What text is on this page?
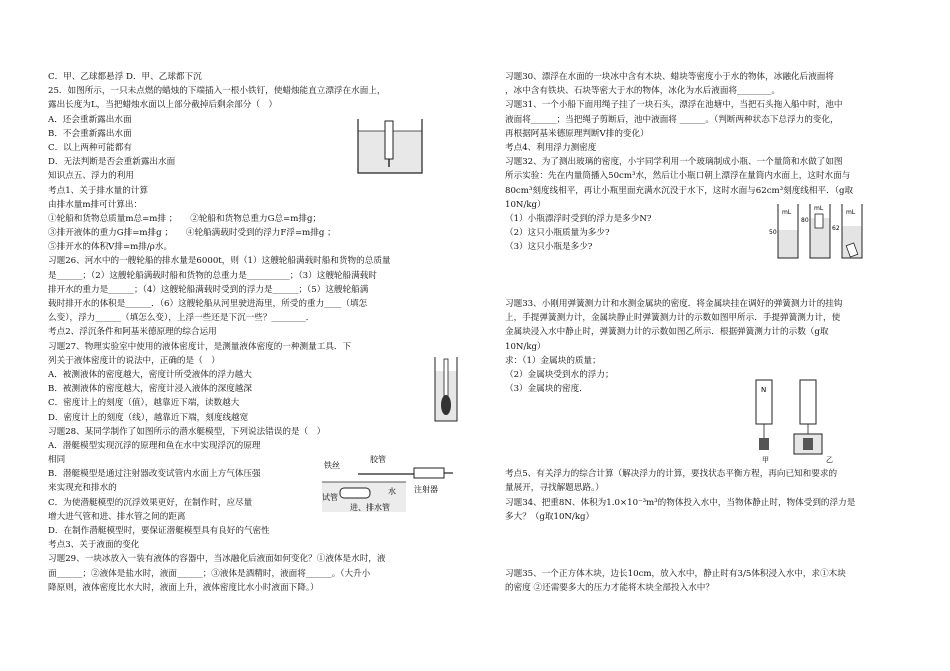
C．甲、乙球都悬浮 D．甲、乙球都下沉
25．如图所示，一只未点燃的蜡烛的下端插入一根小铁钉，使蜡烛能直立漂浮在水面上，
露出长度为L，当把蜡烛水面以上部分截掉后剩余部分（　）
A．还会重新露出水面
B．不会重新露出水面
C．以上两种可能都有
D．无法判断是否会重新露出水面
知识点五、浮力的利用
考点1、关于排水量的计算
由排水量m排可计算出：
①轮船和货物总质量m总=m排 ；　　②轮船和货物总重力G总=m排g；
③排开液体的重力G排=m排g ；　　④轮船满载时受到的浮力F浮=m排g ；
⑤排开水的体积V排=m排/ρ水。
习题26、河水中的一艘轮船的排水量是6000t，则（1）这艘轮船满载时船和货物的总质量
是______；（2）这艘轮船满载时船和货物的总重力是__________；（3）这艘轮船满载时
排开水的重力是______；（4）这艘轮船满载时受到的浮力是______；（5）这艘轮船满
载时排开水的体积是______．（6）这艘轮船从河里驶进海里，所受的重力____（填怎
么变），浮力______（填怎么变），上浮一些还是下沉一些？________．
考点2、浮沉条件和阿基米德原理的综合运用
习题27、物理实验室中使用的液体密度计，是测量液体密度的一种测量工具．下
列关于液体密度计的说法中，正确的是（　）
A．被测液体的密度越大，密度计所受液体的浮力越大
B．被测液体的密度越大，密度计浸入液体的深度越深
C．密度计上的刻度（值），越靠近下端，读数越大
D．密度计上的刻度（线），越靠近下端，刻度线越宽
习题28、某同学制作了如图所示的潜水艇模型，下列说法错误的是（　）
A．潜艇模型实现沉浮的原理和鱼在水中实现浮沉的原理
相同
B．潜艇模型是通过注射器改变试管内水面上方气体压强
来实现充和排水的
C．为使潜艇模型的沉浮效果更好，在制作时，应尽量
增大进气管和进、排水管之间的距离
D．在制作潜艇模型时，要保证潜艇模型具有良好的气密性
考点3、关于液面的变化
习题29、一块冰放入一装有液体的容器中，当冰融化后液面如何变化？①液体是水时，液
面______；②液体是盐水时，液面______；③液体是酒精时，液面将______。（大升小
降原则，液体密度比水大时，液面上升，液体密度比水小时液面下降。）
习题30、漂浮在水面的一块冰中含有木块、蜡块等密度小于水的物体，冰融化后液面将
，冰中含有铁块、石块等密大于水的物体，冰化为水后液面将________。
习题31、一个小船下面用绳子挂了一块石头，漂浮在池塘中，当把石头拖入船中时，池中
液面将______；当把绳子剪断后，池中液面将 ______。（判断两种状态下总浮力的变化，
再根据阿基米德原理判断V排的变化）
考点4、利用浮力测密度
习题32、为了测出玻璃的密度，小宇同学利用一个玻璃制成小瓶、一个量筒和水做了如图
所示实验：先在内量筒播入50cm³水，然后让小瓶口朝上漂浮在量筒内水面上，这时水面与
80cm³刻度线相平，再让小瓶里面充满水沉没于水下，这时水面与62cm³刻度线相平．（g取
10N/kg）
（1）小瓶漂浮时受到的浮力是多少N?
（2）这只小瓶质量为多少?
（3）这只小瓶是多少?
习题33、小刚用弹簧测力计和水测金属块的密度．将金属块挂在调好的弹簧测力计的挂钩
上，手提弹簧测力计，金属块静止时弹簧测力计的示数如图甲所示．手提弹簧测力计，使
金属块浸入水中静止时，弹簧测力计的示数如图乙所示．根据弹簧测力计的示数（g取
10N/kg）
求：（1）金属块的质量；
（2）金属块受到水的浮力；
（3）金属块的密度．
考点5、有关浮力的综合计算（解决浮力的计算，要找状态平衡方程，再向已知和要求的
量展开，寻找解题思路。）
习题34、把重8N、体积为1.0×10⁻³m³的物体投入水中，当物体静止时，物体受到的浮力是
多大？（g取10N/kg）
习题35、一个正方体木块，边长10cm，放入水中，静止时有3/5体积浸入水中，求①木块
的密度 ②还需要多大的压力才能将木块全部投入水中？
胶管
注射器
铁丝
试管
水
进、排水管
mL
50
mL
80
mL
62
N
甲	乙
